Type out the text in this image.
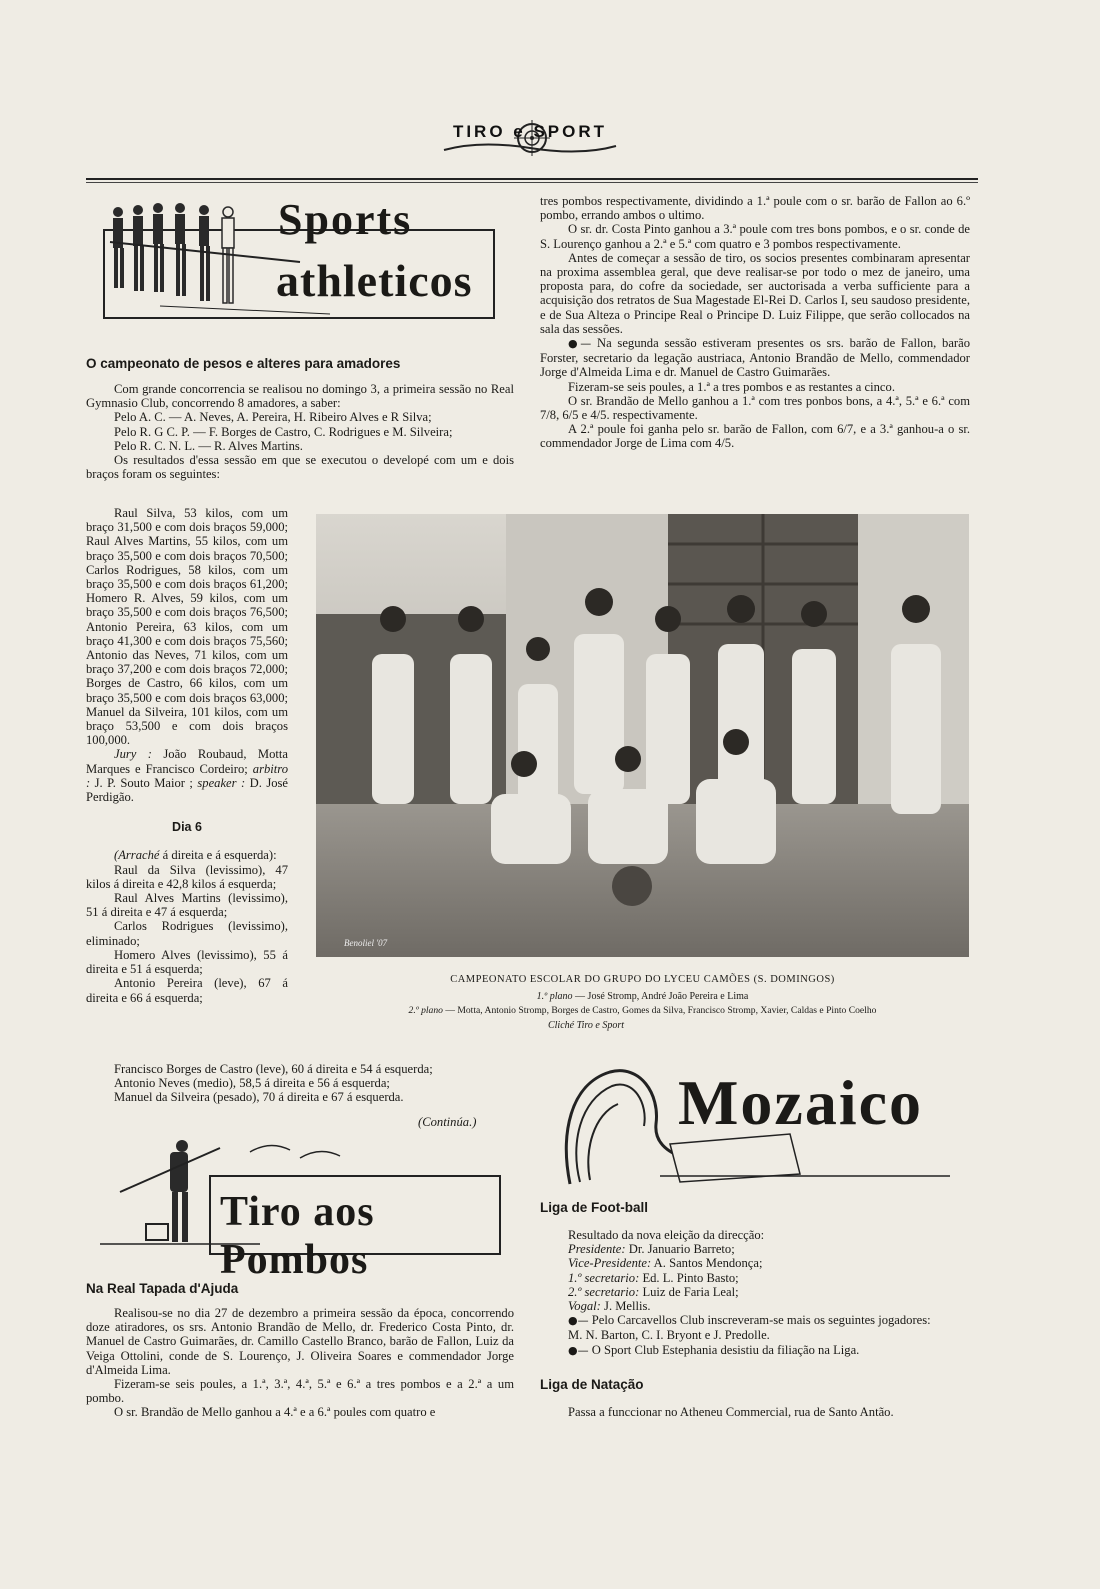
TIRO e SPORT
Sports
athleticos
O campeonato de pesos e alteres para amadores

Com grande concorrencia se realisou no domingo 3, a primeira sessão no Real Gymnasio Club, concorrendo 8 amadores, a saber:

Pelo A. C. — A. Neves, A. Pereira, H. Ribeiro Alves e R Silva;

Pelo R. G C. P. — F. Borges de Castro, C. Rodrigues e M. Silveira;

Pelo R. C. N. L. — R. Alves Martins.

Os resultados d'essa sessão em que se executou o developé com um e dois braços foram os seguintes:

Raul Silva, 53 kilos, com um braço 31,500 e com dois braços 59,000; Raul Alves Martins, 55 kilos, com um braço 35,500 e com dois braços 70,500; Carlos Rodrigues, 58 kilos, com um braço 35,500 e com dois braços 61,200; Homero R. Alves, 59 kilos, com um braço 35,500 e com dois braços 76,500; Antonio Pereira, 63 kilos, com um braço 41,300 e com dois braços 75,560; Antonio das Neves, 71 kilos, com um braço 37,200 e com dois braços 72,000; Borges de Castro, 66 kilos, com um braço 35,500 e com dois braços 63,000; Manuel da Silveira, 101 kilos, com um braço 53,500 e com dois braços 100,000.

Jury : João Roubaud, Motta Marques e Francisco Cordeiro; arbitro : J. P. Souto Maior ; speaker : D. José Perdigão.

Dia 6

(Arraché á direita e á esquerda):

Raul da Silva (levissimo), 47 kilos á direita e 42,8 kilos á esquerda;

Raul Alves Martins (levissimo), 51 á direita e 47 á esquerda;

Carlos Rodrigues (levissimo), eliminado;

Homero Alves (levissimo), 55 á direita e 51 á esquerda;

Antonio Pereira (leve), 67 á direita e 66 á esquerda;

Francisco Borges de Castro (leve), 60 á direita e 54 á esquerda;

Antonio Neves (medio), 58,5 á direita e 56 á esquerda;

Manuel da Silveira (pesado), 70 á direita e 67 á esquerda.

(Continúa.)

tres pombos respectivamente, dividindo a 1.ª poule com o sr. barão de Fallon ao 6.º pombo, errando ambos o ultimo.

O sr. dr. Costa Pinto ganhou a 3.ª poule com tres bons pombos, e o sr. conde de S. Lourenço ganhou a 2.ª e 5.ª com quatro e 3 pombos respectivamente.

Antes de começar a sessão de tiro, os socios presentes combinaram apresentar na proxima assemblea geral, que deve realisar-se por todo o mez de janeiro, uma proposta para, do cofre da sociedade, ser auctorisada a verba sufficiente para a acquisição dos retratos de Sua Magestade El-Rei D. Carlos I, seu saudoso presidente, e de Sua Alteza o Principe Real o Principe D. Luiz Filippe, que serão collocados na sala das sessões.

●— Na segunda sessão estiveram presentes os srs. barão de Fallon, barão Forster, secretario da legação austriaca, Antonio Brandão de Mello, commendador Jorge d'Almeida Lima e dr. Manuel de Castro Guimarães.

Fizeram-se seis poules, a 1.ª a tres pombos e as restantes a cinco.

O sr. Brandão de Mello ganhou a 1.ª com tres ponbos bons, a 4.ª, 5.ª e 6.ª com 7/8, 6/5 e 4/5. respectivamente.

A 2.ª poule foi ganha pelo sr. barão de Fallon, com 6/7, e a 3.ª ganhou-a o sr. commendador Jorge de Lima com 4/5.

Benoliel '07
CAMPEONATO ESCOLAR DO GRUPO DO LYCEU CAMÕES (S. DOMINGOS)
1.º plano — José Stromp, André João Pereira e Lima
2.º plano — Motta, Antonio Stromp, Borges de Castro, Gomes da Silva, Francisco Stromp, Xavier, Caldas e Pinto Coelho
Cliché Tiro e Sport
Mozaico
Tiro aos Pombos
Na Real Tapada d'Ajuda

Realisou-se no dia 27 de dezembro a primeira sessão da época, concorrendo doze atiradores, os srs. Antonio Brandão de Mello, dr. Frederico Costa Pinto, dr. Manuel de Castro Guimarães, dr. Camillo Castello Branco, barão de Fallon, Luiz da Veiga Ottolini, conde de S. Lourenço, J. Oliveira Soares e commendador Jorge d'Almeida Lima.

Fizeram-se seis poules, a 1.ª, 3.ª, 4.ª, 5.ª e 6.ª a tres pombos e a 2.ª a um pombo.

O sr. Brandão de Mello ganhou a 4.ª e a 6.ª poules com quatro e

Liga de Foot-ball

Resultado da nova eleição da direcção:

Presidente: Dr. Januario Barreto;

Vice-Presidente: A. Santos Mendonça;

1.º secretario: Ed. L. Pinto Basto;

2.º secretario: Luiz de Faria Leal;

Vogal: J. Mellis.

●— Pelo Carcavellos Club inscreveram-se mais os seguintes jogadores:

M. N. Barton, C. I. Bryont e J. Predolle.

●— O Sport Club Estephania desistiu da filiação na Liga.

Liga de Natação

Passa a funccionar no Atheneu Commercial, rua de Santo Antão.
